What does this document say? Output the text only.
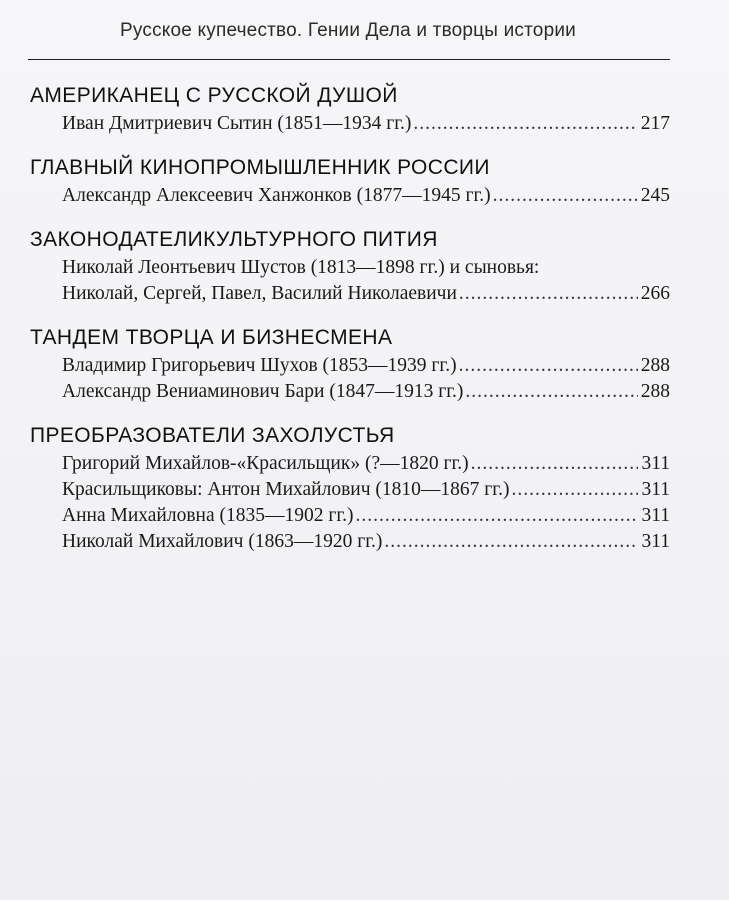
Русское купечество. Гении Дела и творцы истории
АМЕРИКАНЕЦ С РУССКОЙ ДУШОЙ
Иван Дмитриевич Сытин (1851—1934 гг.) .....	217
ГЛАВНЫЙ КИНОПРОМЫШЛЕННИК РОССИИ
Александр Алексеевич Ханжонков (1877—1945 гг.) .....	245
ЗАКОНОДАТЕЛИКУЛЬТУРНОГО ПИТИЯ
Николай Леонтьевич Шустов (1813—1898 гг.) и сыновья:
Николай, Сергей, Павел, Василий Николаевичи .....	266
ТАНДЕМ ТВОРЦА И БИЗНЕСМЕНА
Владимир Григорьевич Шухов (1853—1939 гг.) .....	288
Александр Вениаминович Бари (1847—1913 гг.) .....	288
ПРЕОБРАЗОВАТЕЛИ ЗАХОЛУСТЬЯ
Григорий Михайлов-«Красильщик» (?—1820 гг.) .....	311
Красильщиковы: Антон Михайлович (1810—1867 гг.) .....	311
Анна Михайловна (1835—1902 гг.) .....	311
Николай Михайлович (1863—1920 гг.) .....	311
